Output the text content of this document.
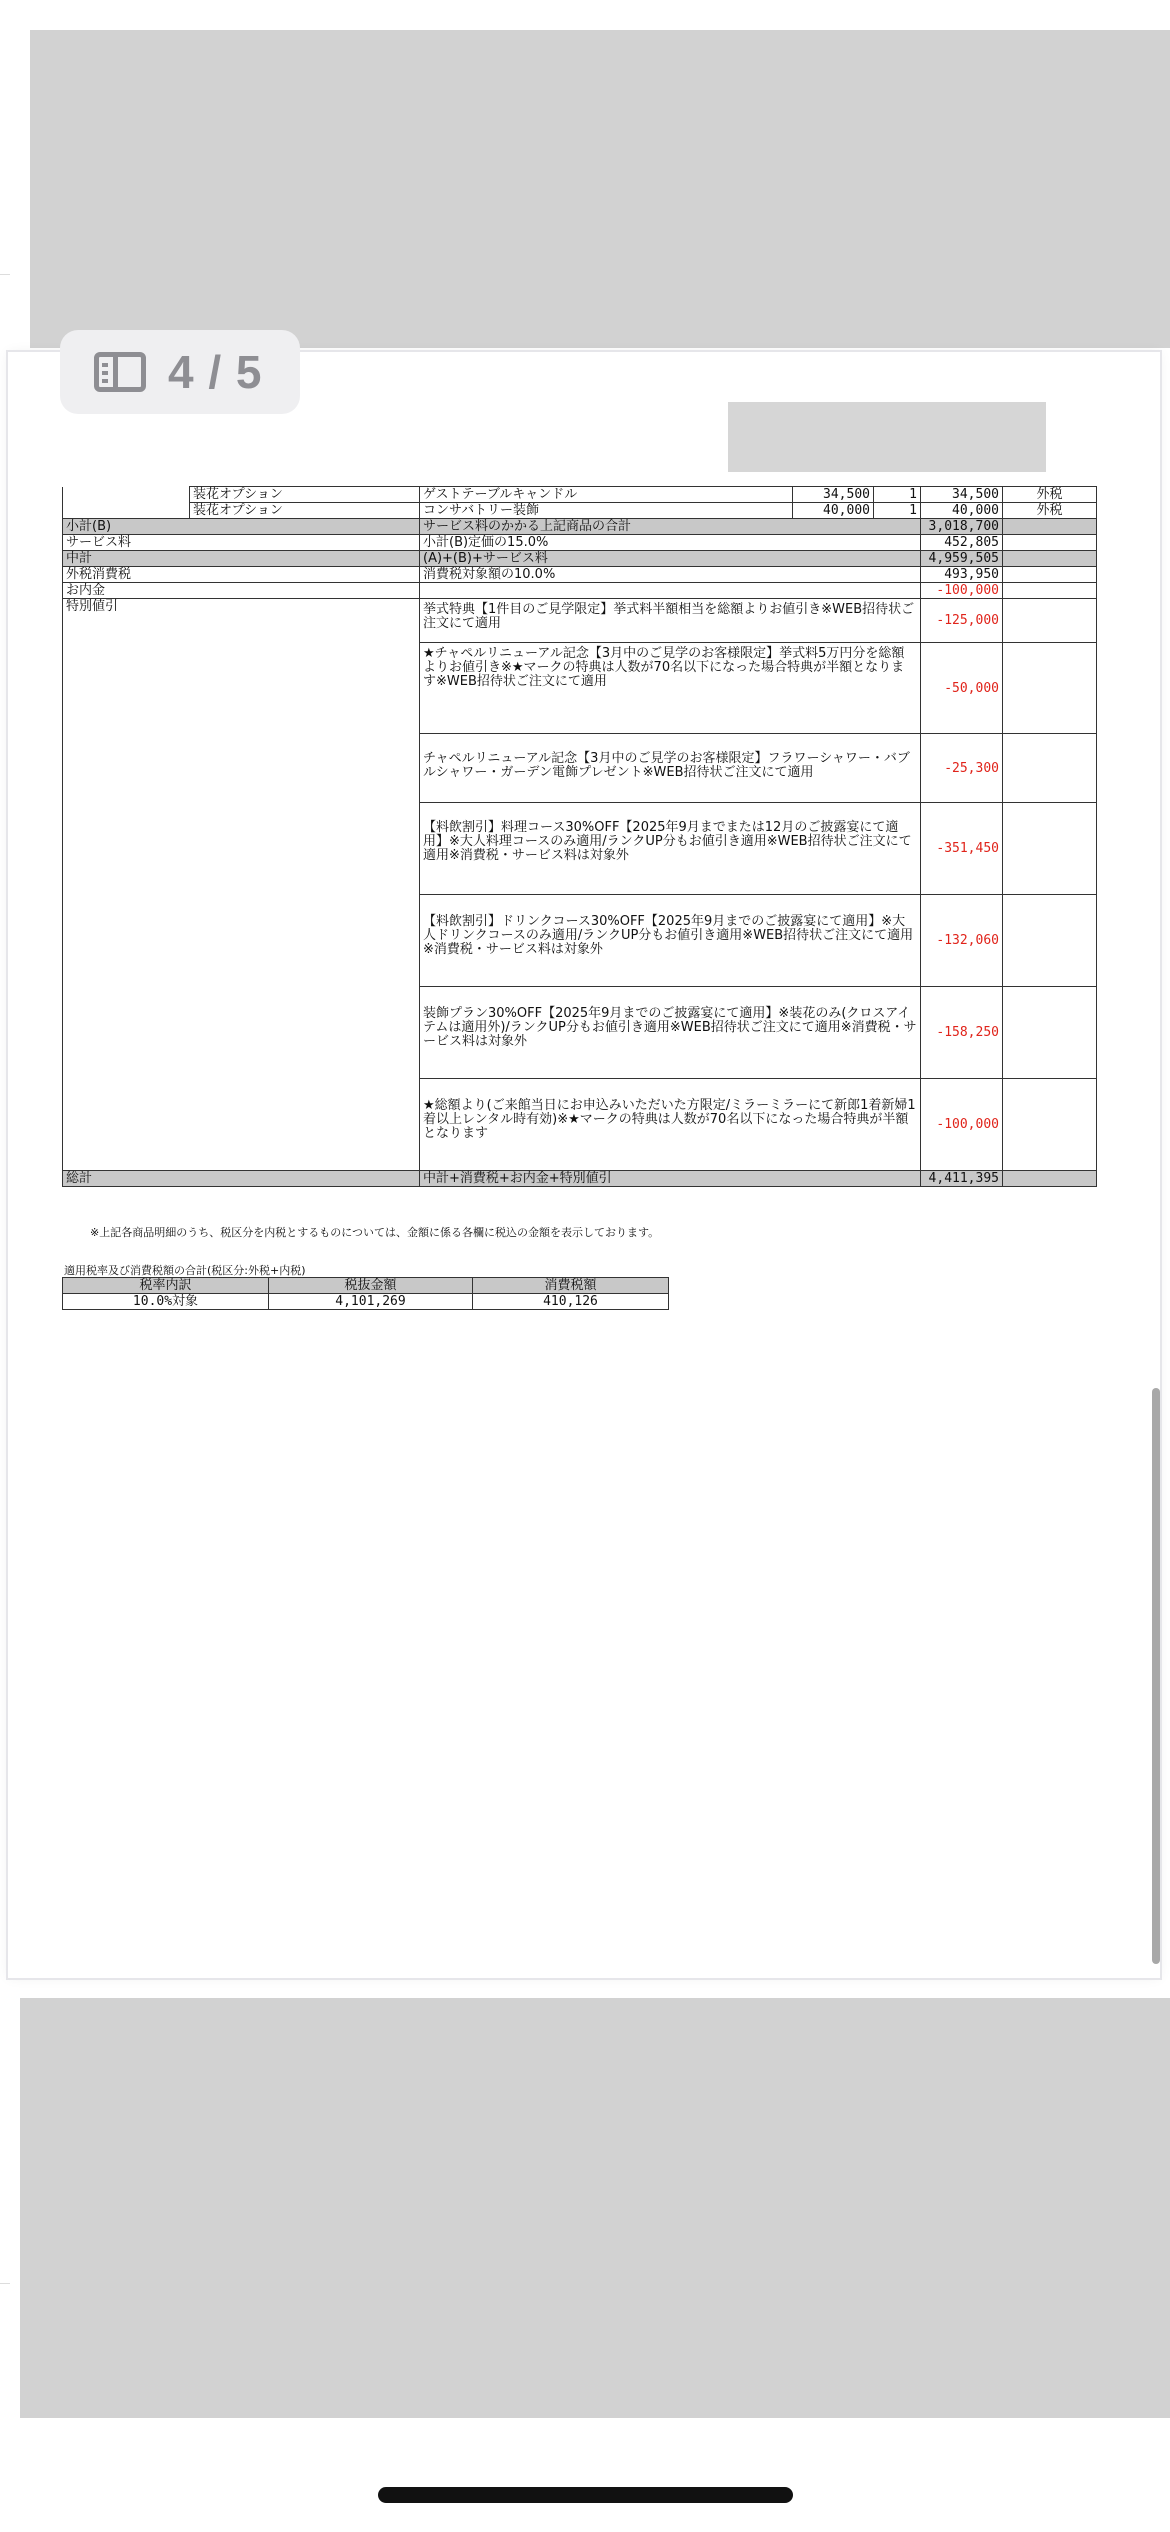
4 / 5
	装花オプション	ゲストテーブルキャンドル	34,500	1	34,500	外税
	装花オプション	コンサバトリー装飾	40,000	1	40,000	外税
小計(B)		サービス料のかかる上記商品の合計			3,018,700	
サービス料		小計(B)定価の15.0%			452,805	
中計		(A)+(B)+サービス料			4,959,505	
外税消費税		消費税対象額の10.0%			493,950	
お内金					-100,000	
特別値引		挙式特典【1件目のご見学限定】挙式料半額相当を総額よりお値引き※WEB招待状ご注文にて適用			-125,000	
		★チャペルリニューアル記念【3月中のご見学のお客様限定】挙式料5万円分を総額よりお値引き※★マークの特典は人数が70名以下になった場合特典が半額となります※WEB招待状ご注文にて適用			-50,000	
		チャペルリニューアル記念【3月中のご見学のお客様限定】フラワーシャワー・バブルシャワー・ガーデン電飾プレゼント※WEB招待状ご注文にて適用			-25,300	
		【料飲割引】料理コース30%OFF【2025年9月までまたは12月のご披露宴にて適用】※大人料理コースのみ適用/ランクUP分もお値引き適用※WEB招待状ご注文にて適用※消費税・サービス料は対象外			-351,450	
		【料飲割引】ドリンクコース30%OFF【2025年9月までのご披露宴にて適用】※大人ドリンクコースのみ適用/ランクUP分もお値引き適用※WEB招待状ご注文にて適用※消費税・サービス料は対象外			-132,060	
		装飾プラン30%OFF【2025年9月までのご披露宴にて適用】※装花のみ(クロスアイテムは適用外)/ランクUP分もお値引き適用※WEB招待状ご注文にて適用※消費税・サービス料は対象外			-158,250	
		★総額より(ご来館当日にお申込みいただいた方限定/ミラーミラーにて新郎1着新婦1着以上レンタル時有効)※★マークの特典は人数が70名以下になった場合特典が半額となります			-100,000	
総計		中計+消費税+お内金+特別値引			4,411,395	
※上記各商品明細のうち、税区分を内税とするものについては、金額に係る各欄に税込の金額を表示しております。
適用税率及び消費税額の合計(税区分:外税+内税)
税率内訳	税抜金額	消費税額
10.0%対象	4,101,269	410,126
